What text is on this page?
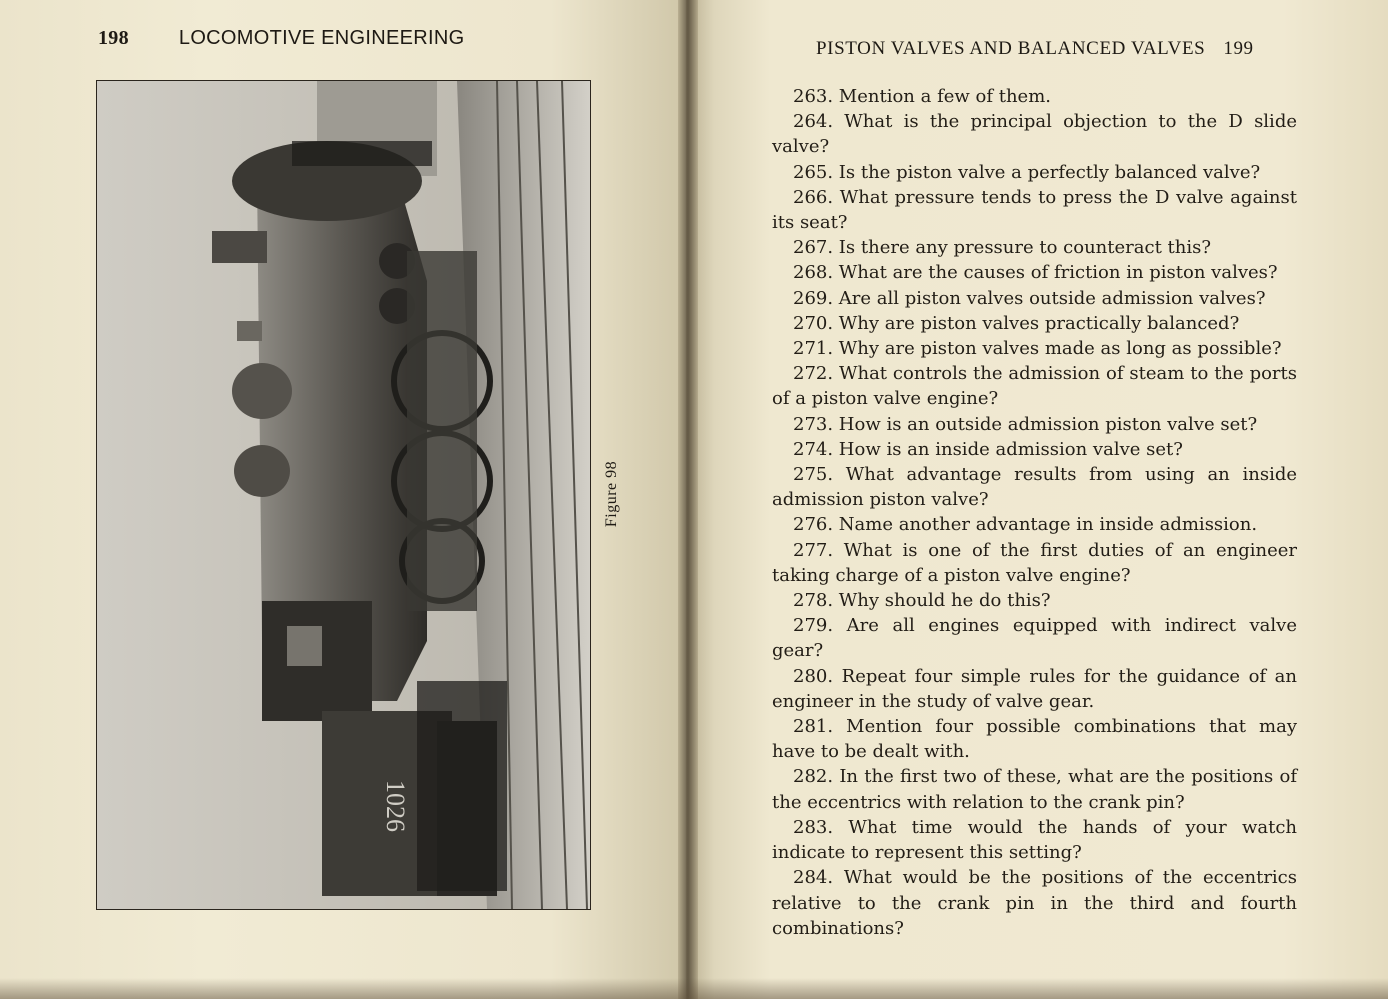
198	LOCOMOTIVE ENGINEERING
1026
Figure 98
PISTON VALVES AND BALANCED VALVES 199

263. Mention a few of them.

264. What is the principal objection to the D slide valve?

265. Is the piston valve a perfectly balanced valve?

266. What pressure tends to press the D valve against its seat?

267. Is there any pressure to counteract this?

268. What are the causes of friction in piston valves?

269. Are all piston valves outside admission valves?

270. Why are piston valves practically balanced?

271. Why are piston valves made as long as possible?

272. What controls the admission of steam to the ports of a piston valve engine?

273. How is an outside admission piston valve set?

274. How is an inside admission valve set?

275. What advantage results from using an inside admission piston valve?

276. Name another advantage in inside admission.

277. What is one of the first duties of an engineer taking charge of a piston valve engine?

278. Why should he do this?

279. Are all engines equipped with indirect valve gear?

280. Repeat four simple rules for the guidance of an engineer in the study of valve gear.

281. Mention four possible combinations that may have to be dealt with.

282. In the first two of these, what are the positions of the eccentrics with relation to the crank pin?

283. What time would the hands of your watch indicate to represent this setting?

284. What would be the positions of the eccentrics relative to the crank pin in the third and fourth combinations?
